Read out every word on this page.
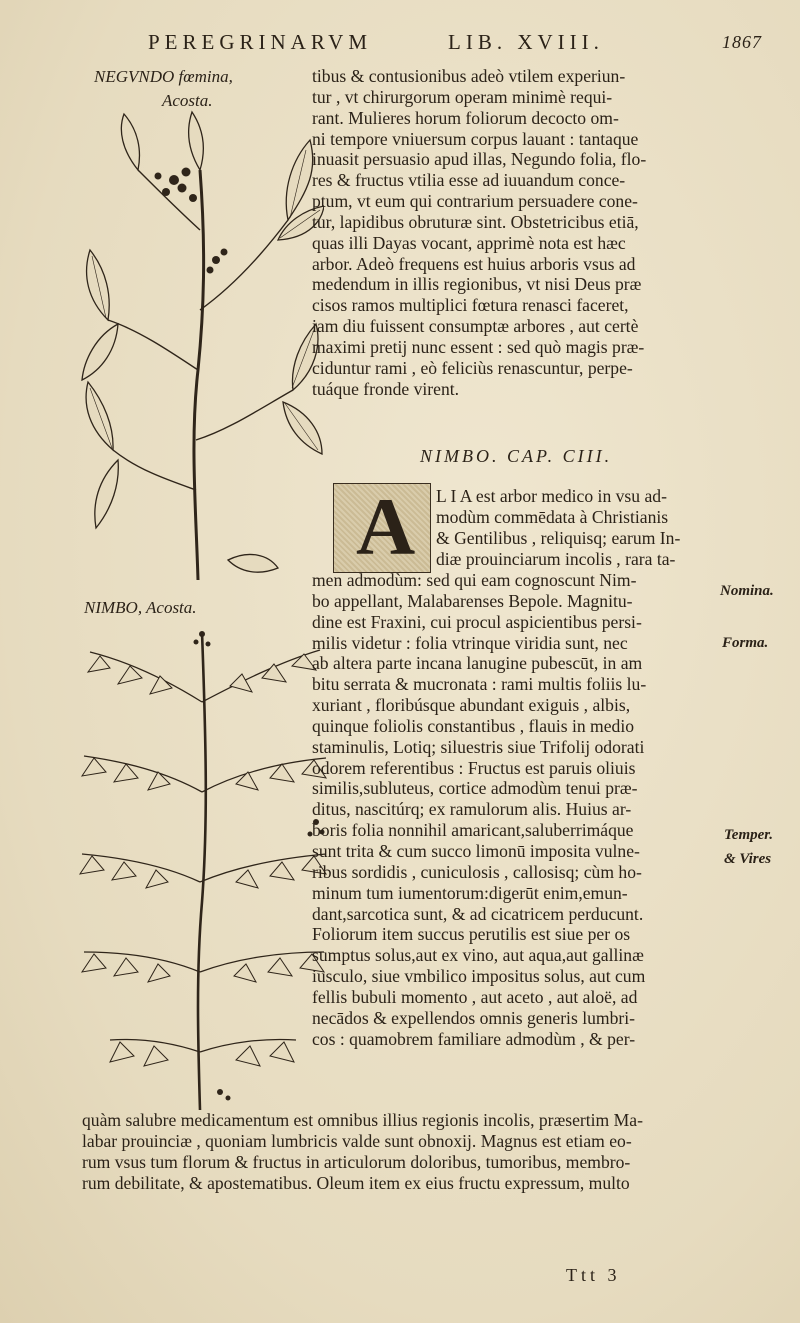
PEREGRINARVM	LIB. XVIII.	1867
NEGVNDO fœmina,
Acosta.

tibus & contusionibus adeò vtilem experiun-

tur , vt chirurgorum operam minimè requi-

rant. Mulieres horum foliorum decocto om-

ni tempore vniuersum corpus lauant : tantaque

inuasit persuasio apud illas, Negundo folia, flo-

res & fructus vtilia esse ad iuuandum conce-

ptum, vt eum qui contrarium persuadere cone-

tur, lapidibus obruturæ sint. Obstetricibus etiā,

quas illi Dayas vocant, apprimè nota est hæc

arbor. Adeò frequens est huius arboris vsus ad

medendum in illis regionibus, vt nisi Deus præ

cisos ramos multiplici fœtura renasci faceret,

iam diu fuissent consumptæ arbores , aut certè

maximi pretij nunc essent : sed quò magis præ-

ciduntur rami , eò feliciùs renascuntur, perpe-

tuáque fronde virent.

NIMBO. CAP. CIII.
A L I A est arbor medico in vsu ad-

modùm commēdata à Christianis

& Gentilibus , reliquisq; earum In-

diæ prouinciarum incolis , rara ta-

NIMBO, Acosta.

men admodùm: sed qui eam cognoscunt Nim-

bo appellant, Malabarenses Bepole. Magnitu-

dine est Fraxini, cui procul aspicientibus persi-

milis videtur : folia vtrinque viridia sunt, nec

ab altera parte incana lanugine pubescūt, in am

bitu serrata & mucronata : rami multis foliis lu-

xuriant , floribúsque abundant exiguis , albis,

quinque foliolis constantibus , flauis in medio

staminulis, Lotiq; siluestris siue Trifolij odorati

odorem referentibus : Fructus est paruis oliuis

similis,subluteus, cortice admodùm tenui præ-

ditus, nascitúrq; ex ramulorum alis. Huius ar-

boris folia nonnihil amaricant,saluberrimáque

sunt trita & cum succo limonū imposita vulne-

ribus sordidis , cuniculosis , callosisq; cùm ho-

minum tum iumentorum:digerūt enim,emun-

dant,sarcotica sunt, & ad cicatricem perducunt.

Foliorum item succus perutilis est siue per os

sumptus solus,aut ex vino, aut aqua,aut gallinæ

iusculo, siue vmbilico impositus solus, aut cum

fellis bubuli momento , aut aceto , aut aloë, ad

necādos & expellendos omnis generis lumbri-

cos : quamobrem familiare admodùm , & per-

quàm salubre medicamentum est omnibus illius regionis incolis, præsertim Ma-

labar prouinciæ , quoniam lumbricis valde sunt obnoxij. Magnus est etiam eo-

rum vsus tum florum & fructus in articulorum doloribus, tumoribus, membro-

rum debilitate, & apostematibus. Oleum item ex eius fructu expressum, multo

Nomina.
Forma.
Temper.
& Vires
Ttt 3
